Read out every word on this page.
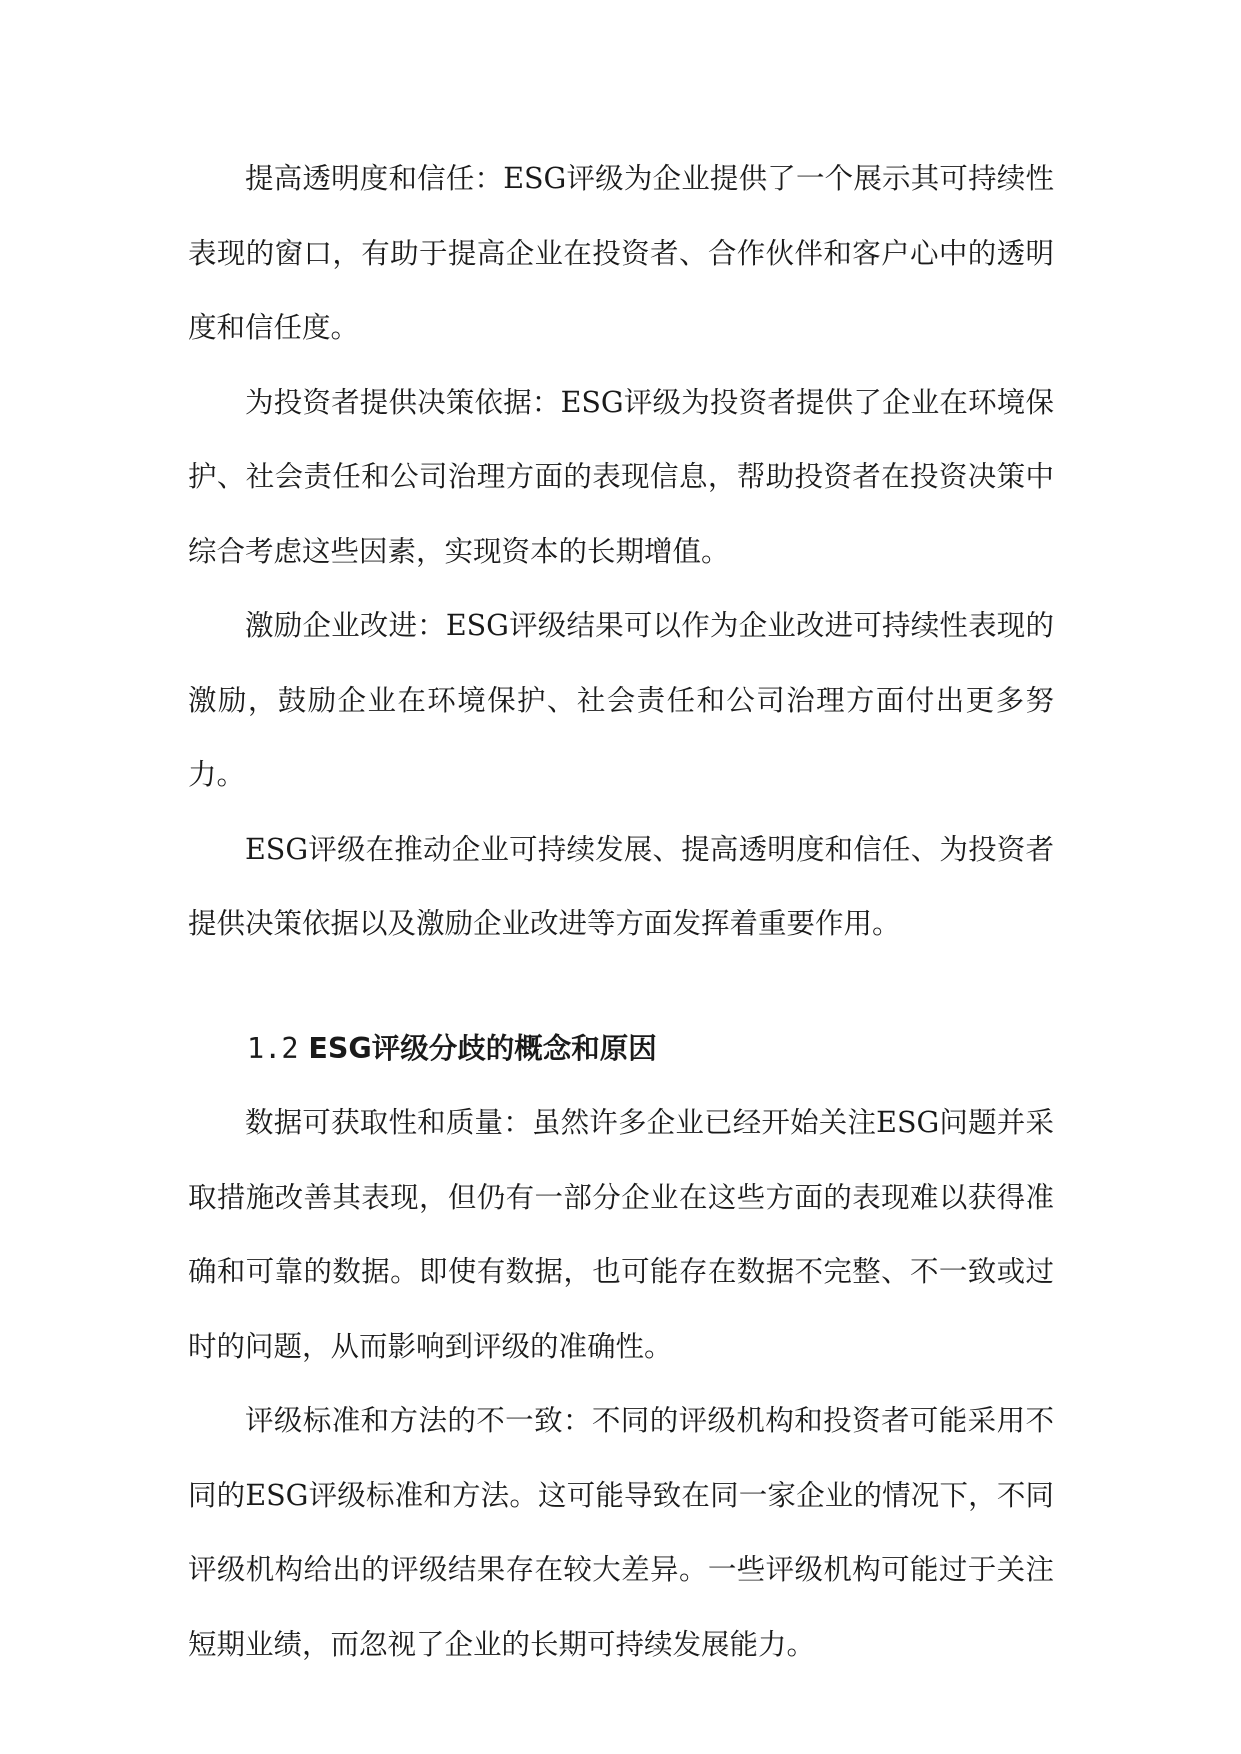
提高透明度和信任：ESG评级为企业提供了一个展示其可持续性表现的窗口，有助于提高企业在投资者、合作伙伴和客户心中的透明度和信任度。

为投资者提供决策依据：ESG评级为投资者提供了企业在环境保护、社会责任和公司治理方面的表现信息，帮助投资者在投资决策中综合考虑这些因素，实现资本的长期增值。

激励企业改进：ESG评级结果可以作为企业改进可持续性表现的激励，鼓励企业在环境保护、社会责任和公司治理方面付出更多努力。

ESG评级在推动企业可持续发展、提高透明度和信任、为投资者提供决策依据以及激励企业改进等方面发挥着重要作用。

1.2 ESG评级分歧的概念和原因

数据可获取性和质量：虽然许多企业已经开始关注ESG问题并采取措施改善其表现，但仍有一部分企业在这些方面的表现难以获得准确和可靠的数据。即使有数据，也可能存在数据不完整、不一致或过时的问题，从而影响到评级的准确性。

评级标准和方法的不一致：不同的评级机构和投资者可能采用不同的ESG评级标准和方法。这可能导致在同一家企业的情况下，不同评级机构给出的评级结果存在较大差异。一些评级机构可能过于关注短期业绩，而忽视了企业的长期可持续发展能力。
